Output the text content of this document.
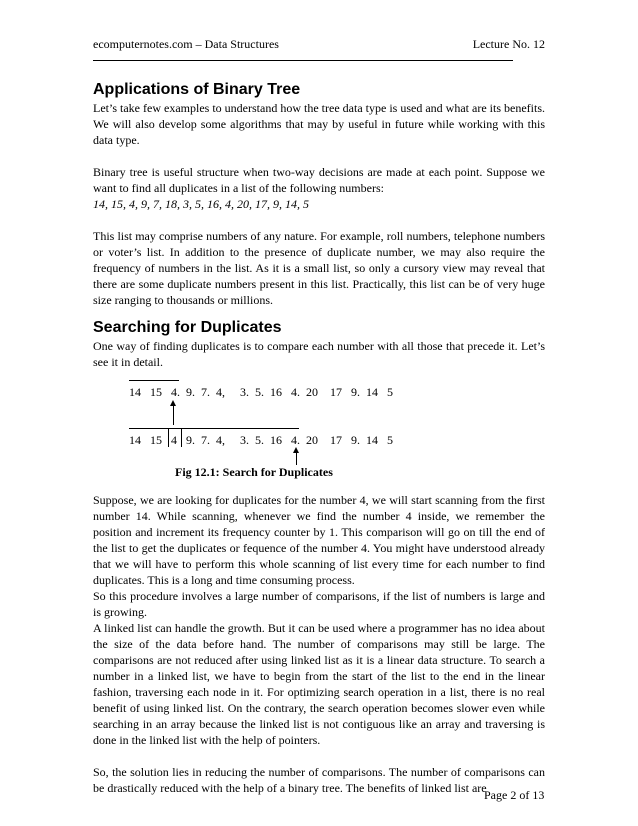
ecomputernotes.com – Data Structures	Lecture No. 12
Applications of Binary Tree

Let’s take few examples to understand how the tree data type is used and what are its benefits. We will also develop some algorithms that may by useful in future while working with this data type.

Binary tree is useful structure when two-way decisions are made at each point. Suppose we want to find all duplicates in a list of the following numbers:

14, 15, 4, 9, 7, 18, 3, 5, 16, 4, 20, 17, 9, 14, 5

This list may comprise numbers of any nature. For example, roll numbers, telephone numbers or voter’s list. In addition to the presence of duplicate number, we may also require the frequency of numbers in the list. As it is a small list, so only a cursory view may reveal that there are some duplicate numbers present in this list. Practically, this list can be of very huge size ranging to thousands or millions.

Searching for Duplicates

One way of finding duplicates is to compare each number with all those that precede it. Let’s see it in detail.

14   15   4.  9.  7.  4,     3.  5.  16   4.  20    17   9.  14   5
14   15   4   9.  7.  4,     3.  5.  16   4.  20    17   9.  14   5
Fig 12.1: Search for Duplicates

Suppose, we are looking for duplicates for the number 4, we will start scanning from the first number 14. While scanning, whenever we find the number 4 inside, we remember the position and increment its frequency counter by 1. This comparison will go on till the end of the list to get the duplicates or fequence of the number 4. You might have understood already that we will have to perform this whole scanning of list every time for each number to find duplicates. This is a long and time consuming process.

So this procedure involves a large number of comparisons, if the list of numbers is large and is growing.

A linked list can handle the growth. But it can be used where a programmer has no idea about the size of the data before hand. The number of comparisons may still be large. The comparisons are not reduced after using linked list as it is a linear data structure. To search a number in a linked list, we have to begin from the start of the list to the end in the linear fashion, traversing each node in it. For optimizing search operation in a list, there is no real benefit of using linked list. On the contrary, the search operation becomes slower even while searching in an array because the linked list is not contiguous like an array and traversing is done in the linked list with the help of pointers.

So, the solution lies in reducing the number of comparisons. The number of comparisons can be drastically reduced with the help of a binary tree. The benefits of linked list are

Page 2 of 13
